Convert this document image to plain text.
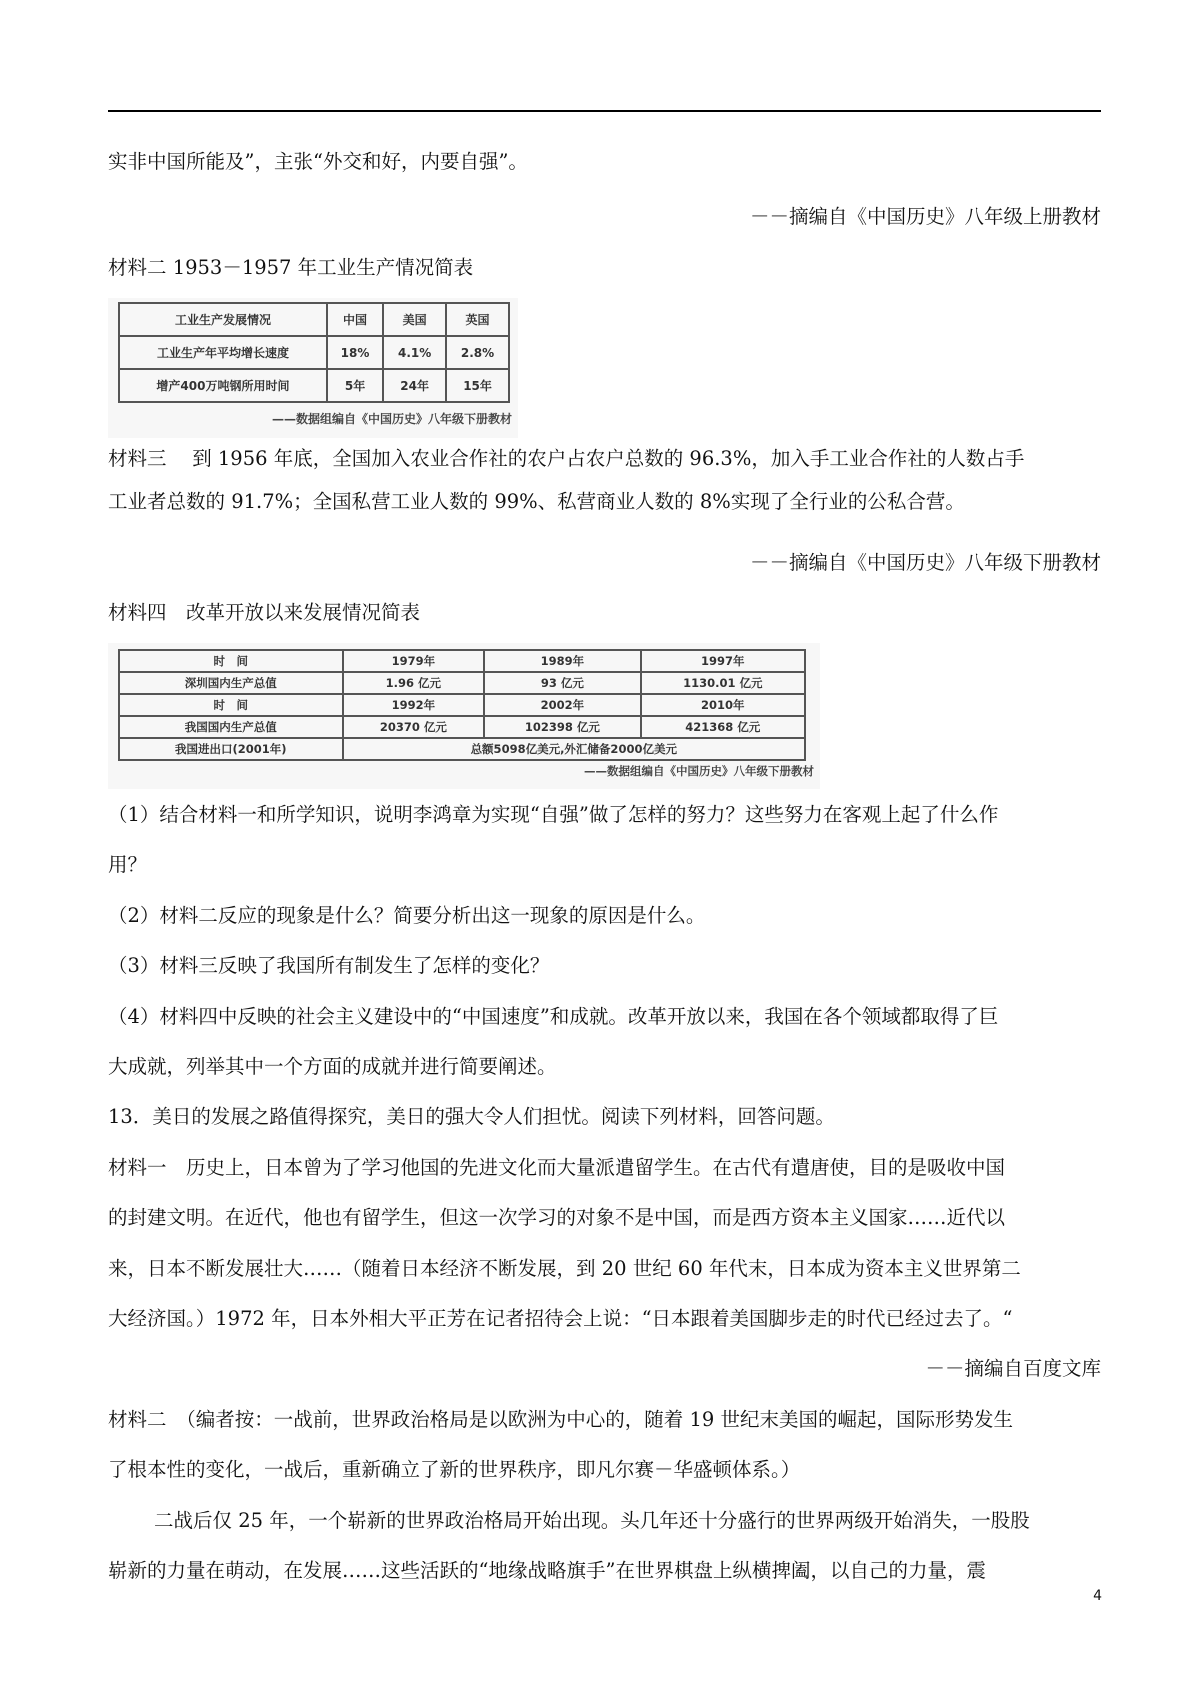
实非中国所能及”，主张“外交和好，内要自强”。
－－摘编自《中国历史》八年级上册教材
材料二 1953－1957 年工业生产情况简表
工业生产发展情况	中国	美国	英国
工业生产年平均增长速度	18%	4.1%	2.8%
增产400万吨钢所用时间	5年	24年	15年
——数据组编自《中国历史》八年级下册教材
材料三　 到 1956 年底，全国加入农业合作社的农户占农户总数的 96.3%，加入手工业合作社的人数占手
工业者总数的 91.7%；全国私营工业人数的 99%、私营商业人数的 8%实现了全行业的公私合营。
－－摘编自《中国历史》八年级下册教材
材料四　改革开放以来发展情况简表
时　间	1979年	1989年	1997年
深圳国内生产总值	1.96 亿元	93 亿元	1130.01 亿元
时　间	1992年	2002年	2010年
我国国内生产总值	20370 亿元	102398 亿元	421368 亿元
我国进出口(2001年)	总额5098亿美元,外汇储备2000亿美元		
——数据组编自《中国历史》八年级下册教材
（1）结合材料一和所学知识，说明李鸿章为实现“自强”做了怎样的努力？这些努力在客观上起了什么作
用？
（2）材料二反应的现象是什么？简要分析出这一现象的原因是什么。
（3）材料三反映了我国所有制发生了怎样的变化？
（4）材料四中反映的社会主义建设中的“中国速度”和成就。改革开放以来，我国在各个领域都取得了巨
大成就，列举其中一个方面的成就并进行简要阐述。
13．美日的发展之路值得探究，美日的强大令人们担忧。阅读下列材料，回答问题。
材料一　历史上，日本曾为了学习他国的先进文化而大量派遣留学生。在古代有遣唐使，目的是吸收中国
的封建文明。在近代，他也有留学生，但这一次学习的对象不是中国，而是西方资本主义国家……近代以
来，日本不断发展壮大……（随着日本经济不断发展，到 20 世纪 60 年代末，日本成为资本主义世界第二
大经济国。）1972 年，日本外相大平正芳在记者招待会上说：“日本跟着美国脚步走的时代已经过去了。“
－－摘编自百度文库
材料二　（编者按：一战前，世界政治格局是以欧洲为中心的，随着 19 世纪末美国的崛起，国际形势发生
了根本性的变化，一战后，重新确立了新的世界秩序，即凡尔赛－华盛顿体系。）
二战后仅 25 年，一个崭新的世界政治格局开始出现。头几年还十分盛行的世界两级开始消失，一股股
崭新的力量在萌动，在发展……这些活跃的“地缘战略旗手”在世界棋盘上纵横捭阖，以自己的力量，震
4
